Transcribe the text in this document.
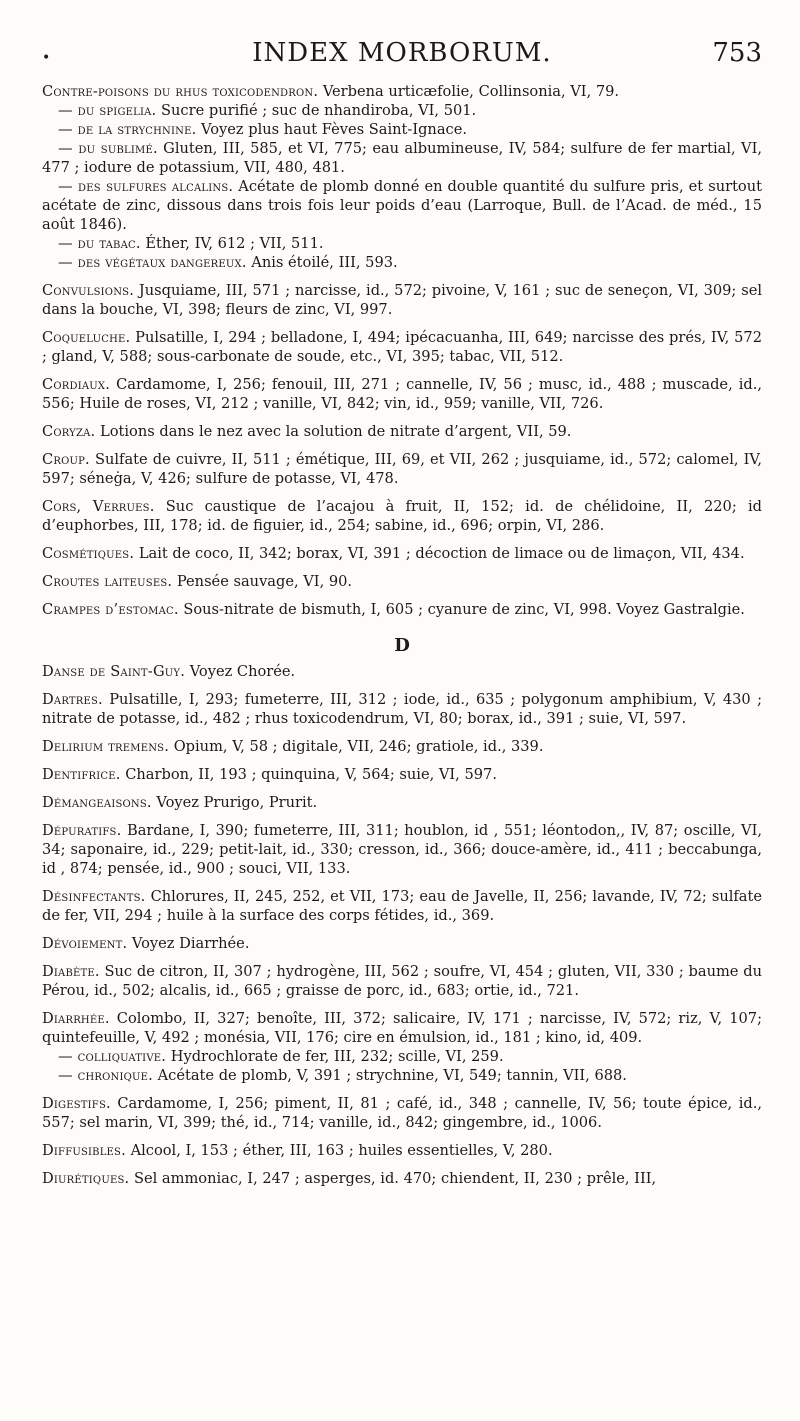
•	INDEX MORBORUM.	753

Contre-poisons du rhus toxicodendron. Verbena urticæfolie, Collinsonia, VI, 79.

— du spigelia. Sucre purifié ; suc de nhandiroba, VI, 501.

— de la strychnine. Voyez plus haut Fèves Saint-Ignace.

— du sublimé. Gluten, III, 585, et VI, 775; eau albumineuse, IV, 584; sulfure de fer martial, VI, 477 ; iodure de potassium, VII, 480, 481.

— des sulfures alcalins. Acétate de plomb donné en double quantité du sulfure pris, et surtout acétate de zinc, dissous dans trois fois leur poids d’eau (Larroque, Bull. de l’Acad. de méd., 15 août 1846).

— du tabac. Éther, IV, 612 ; VII, 511.

— des végétaux dangereux. Anis étoilé, III, 593.

Convulsions. Jusquiame, III, 571 ; narcisse, id., 572; pivoine, V, 161 ; suc de seneçon, VI, 309; sel dans la bouche, VI, 398; fleurs de zinc, VI, 997.

Coqueluche. Pulsatille, I, 294 ; belladone, I, 494; ipécacuanha, III, 649; narcisse des prés, IV, 572 ; gland, V, 588; sous-carbonate de soude, etc., VI, 395; tabac, VII, 512.

Cordiaux. Cardamome, I, 256; fenouil, III, 271 ; cannelle, IV, 56 ; musc, id., 488 ; muscade, id., 556; Huile de roses, VI, 212 ; vanille, VI, 842; vin, id., 959; vanille, VII, 726.

Coryza. Lotions dans le nez avec la solution de nitrate d’argent, VII, 59.

Croup. Sulfate de cuivre, II, 511 ; émétique, III, 69, et VII, 262 ; jusquiame, id., 572; calomel, IV, 597; séneġa, V, 426; sulfure de potasse, VI, 478.

Cors, Verrues. Suc caustique de l’acajou à fruit, II, 152; id. de chélidoine, II, 220; id d’euphorbes, III, 178; id. de figuier, id., 254; sabine, id., 696; orpin, VI, 286.

Cosmétiques. Lait de coco, II, 342; borax, VI, 391 ; décoction de limace ou de limaçon, VII, 434.

Croutes laiteuses. Pensée sauvage, VI, 90.

Crampes d’estomac. Sous-nitrate de bismuth, I, 605 ; cyanure de zinc, VI, 998. Voyez Gastralgie.

D

Danse de Saint-Guy. Voyez Chorée.

Dartres. Pulsatille, I, 293; fumeterre, III, 312 ; iode, id., 635 ; polygonum amphibium, V, 430 ; nitrate de potasse, id., 482 ; rhus toxicodendrum, VI, 80; borax, id., 391 ; suie, VI, 597.

Delirium tremens. Opium, V, 58 ; digitale, VII, 246; gratiole, id., 339.

Dentifrice. Charbon, II, 193 ; quinquina, V, 564; suie, VI, 597.

Démangeaisons. Voyez Prurigo, Prurit.

Dépuratifs. Bardane, I, 390; fumeterre, III, 311; houblon, id , 551; léontodon,, IV, 87; oscille, VI, 34; saponaire, id., 229; petit-lait, id., 330; cresson, id., 366; douce-amère, id., 411 ; beccabunga, id , 874; pensée, id., 900 ; souci, VII, 133.

Désinfectants. Chlorures, II, 245, 252, et VII, 173; eau de Javelle, II, 256; lavande, IV, 72; sulfate de fer, VII, 294 ; huile à la surface des corps fétides, id., 369.

Dévoiement. Voyez Diarrhée.

Diabète. Suc de citron, II, 307 ; hydrogène, III, 562 ; soufre, VI, 454 ; gluten, VII, 330 ; baume du Pérou, id., 502; alcalis, id., 665 ; graisse de porc, id., 683; ortie, id., 721.

Diarrhée. Colombo, II, 327; benoîte, III, 372; salicaire, IV, 171 ; narcisse, IV, 572; riz, V, 107; quintefeuille, V, 492 ; monésia, VII, 176; cire en émulsion, id., 181 ; kino, id, 409.

— colliquative. Hydrochlorate de fer, III, 232; scille, VI, 259.

— chronique. Acétate de plomb, V, 391 ; strychnine, VI, 549; tannin, VII, 688.

Digestifs. Cardamome, I, 256; piment, II, 81 ; café, id., 348 ; cannelle, IV, 56; toute épice, id., 557; sel marin, VI, 399; thé, id., 714; vanille, id., 842; gingembre, id., 1006.

Diffusibles. Alcool, I, 153 ; éther, III, 163 ; huiles essentielles, V, 280.

Diurétiques. Sel ammoniac, I, 247 ; asperges, id. 470; chiendent, II, 230 ; prêle, III,
